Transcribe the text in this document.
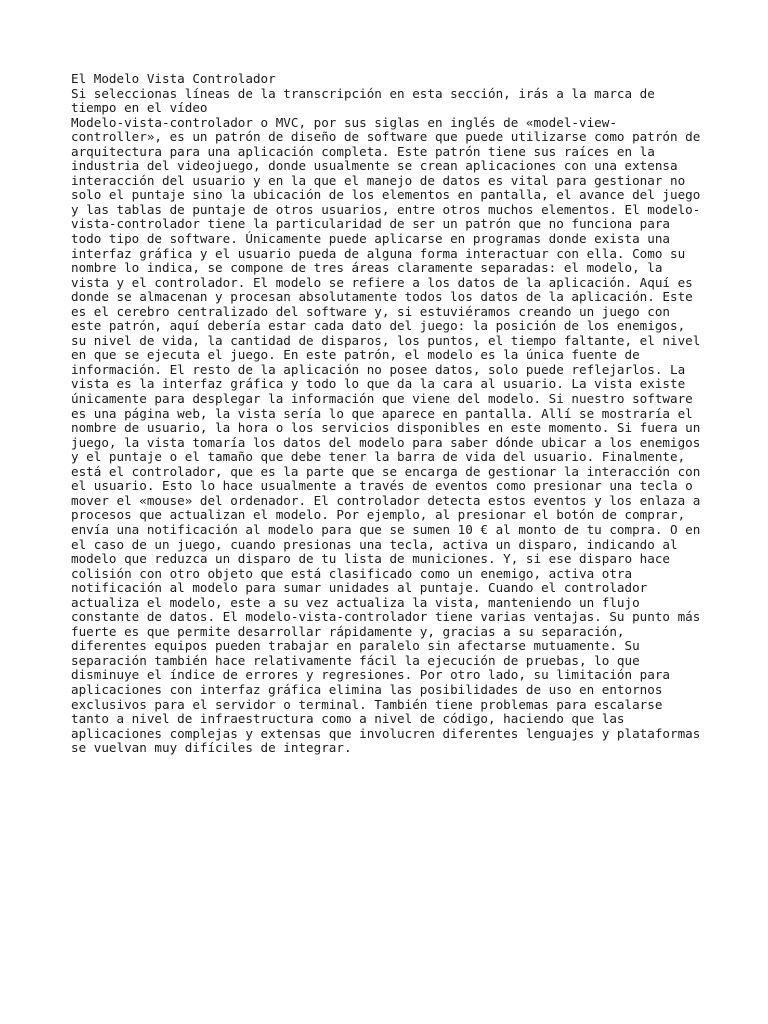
El Modelo Vista Controlador
Si seleccionas líneas de la transcripción en esta sección, irás a la marca de
tiempo en el vídeo
Modelo-vista-controlador o MVC, por sus siglas en inglés de «model-view-
controller», es un patrón de diseño de software que puede utilizarse como patrón de
arquitectura para una aplicación completa. Este patrón tiene sus raíces en la
industria del videojuego, donde usualmente se crean aplicaciones con una extensa
interacción del usuario y en la que el manejo de datos es vital para gestionar no
solo el puntaje sino la ubicación de los elementos en pantalla, el avance del juego
y las tablas de puntaje de otros usuarios, entre otros muchos elementos. El modelo-
vista-controlador tiene la particularidad de ser un patrón que no funciona para
todo tipo de software. Únicamente puede aplicarse en programas donde exista una
interfaz gráfica y el usuario pueda de alguna forma interactuar con ella. Como su
nombre lo indica, se compone de tres áreas claramente separadas: el modelo, la
vista y el controlador. El modelo se refiere a los datos de la aplicación. Aquí es
donde se almacenan y procesan absolutamente todos los datos de la aplicación. Este
es el cerebro centralizado del software y, si estuviéramos creando un juego con
este patrón, aquí debería estar cada dato del juego: la posición de los enemigos,
su nivel de vida, la cantidad de disparos, los puntos, el tiempo faltante, el nivel
en que se ejecuta el juego. En este patrón, el modelo es la única fuente de
información. El resto de la aplicación no posee datos, solo puede reflejarlos. La
vista es la interfaz gráfica y todo lo que da la cara al usuario. La vista existe
únicamente para desplegar la información que viene del modelo. Si nuestro software
es una página web, la vista sería lo que aparece en pantalla. Allí se mostraría el
nombre de usuario, la hora o los servicios disponibles en este momento. Si fuera un
juego, la vista tomaría los datos del modelo para saber dónde ubicar a los enemigos
y el puntaje o el tamaño que debe tener la barra de vida del usuario. Finalmente,
está el controlador, que es la parte que se encarga de gestionar la interacción con
el usuario. Esto lo hace usualmente a través de eventos como presionar una tecla o
mover el «mouse» del ordenador. El controlador detecta estos eventos y los enlaza a
procesos que actualizan el modelo. Por ejemplo, al presionar el botón de comprar,
envía una notificación al modelo para que se sumen 10 € al monto de tu compra. O en
el caso de un juego, cuando presionas una tecla, activa un disparo, indicando al
modelo que reduzca un disparo de tu lista de municiones. Y, si ese disparo hace
colisión con otro objeto que está clasificado como un enemigo, activa otra
notificación al modelo para sumar unidades al puntaje. Cuando el controlador
actualiza el modelo, este a su vez actualiza la vista, manteniendo un flujo
constante de datos. El modelo-vista-controlador tiene varias ventajas. Su punto más
fuerte es que permite desarrollar rápidamente y, gracias a su separación,
diferentes equipos pueden trabajar en paralelo sin afectarse mutuamente. Su
separación también hace relativamente fácil la ejecución de pruebas, lo que
disminuye el índice de errores y regresiones. Por otro lado, su limitación para
aplicaciones con interfaz gráfica elimina las posibilidades de uso en entornos
exclusivos para el servidor o terminal. También tiene problemas para escalarse
tanto a nivel de infraestructura como a nivel de código, haciendo que las
aplicaciones complejas y extensas que involucren diferentes lenguajes y plataformas
se vuelvan muy difíciles de integrar.
